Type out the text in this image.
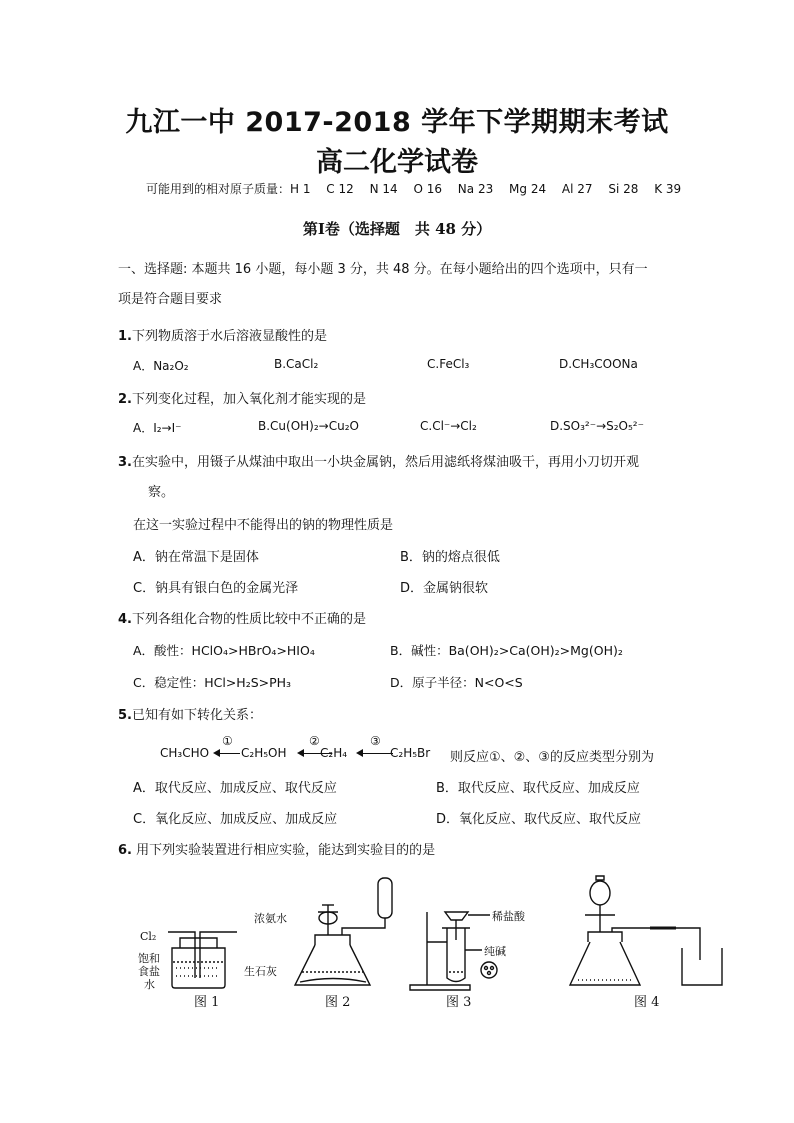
九江一中 2017-2018 学年下学期期末考试
高二化学试卷
可能用到的相对原子质量：H 1　 C 12　 N 14　 O 16　 Na 23　 Mg 24　 Al 27　 Si 28　 K 39
第Ⅰ卷（选择题　共 48 分）
一、选择题: 本题共 16 小题，每小题 3 分，共 48 分。在每小题给出的四个选项中，只有一
项是符合题目要求
1.下列物质溶于水后溶液显酸性的是
A．Na₂O₂	B.CaCl₂	C.FeCl₃	D.CH₃COONa
2.下列变化过程，加入氧化剂才能实现的是
A．I₂→I⁻	B.Cu(OH)₂→Cu₂O	C.Cl⁻→Cl₂	D.SO₃²⁻→S₂O₅²⁻
3.在实验中，用镊子从煤油中取出一小块金属钠，然后用滤纸将煤油吸干，再用小刀切开观
察。
在这一实验过程中不能得出的钠的物理性质是
A．钠在常温下是固体	B．钠的熔点很低
C．钠具有银白色的金属光泽	D．金属钠很软
4.下列各组化合物的性质比较中不正确的是
A．酸性：HClO₄>HBrO₄>HIO₄	B．碱性：Ba(OH)₂>Ca(OH)₂>Mg(OH)₂
C．稳定性：HCl>H₂S>PH₃	D．原子半径：N<O<S
5.已知有如下转化关系：
CH₃CHO
①
C₂H₅OH
②
C₂H₄
③
C₂H₅Br 则反应①、②、③的反应类型分别为
A．取代反应、加成反应、取代反应	B．取代反应、取代反应、加成反应
C．氧化反应、加成反应、加成反应	D．氧化反应、取代反应、取代反应
6. 用下列实验装置进行相应实验，能达到实验目的的是
Cl₂
饱和
食盐
水
浓氨水
生石灰
稀盐酸
纯碱
图 1	图 2	图 3	图 4
